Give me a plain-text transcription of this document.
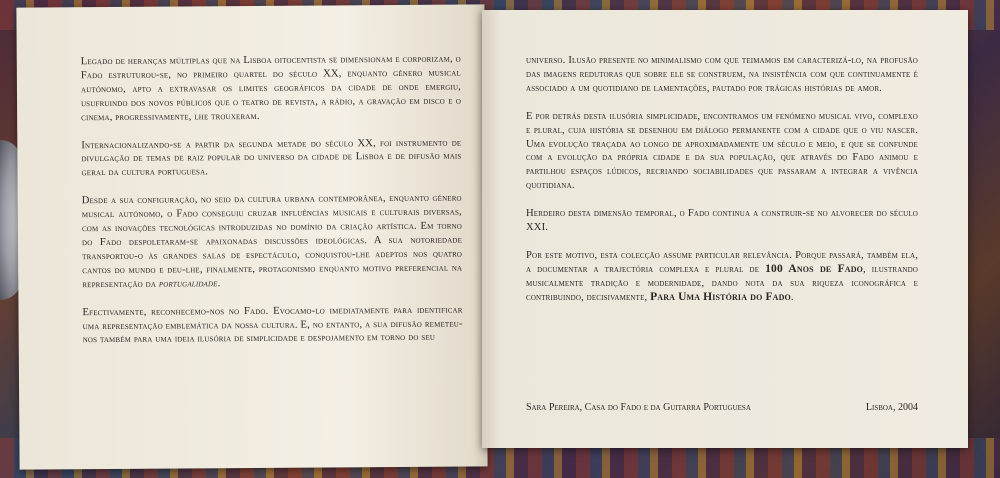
Legado de heranças múltiplas que na Lisboa oitocentista se dimensionam e corporizam, o Fado estruturou-se, no primeiro quartel do século XX, enquanto género musical autónomo, apto a extravasar os limites geográficos da cidade de onde emergiu, usufruindo dos novos públicos que o teatro de revista, a rádio, a gravação em disco e o cinema, progressivamente, lhe trouxeram.

Internacionalizando-se a partir da segunda metade do século XX, foi instrumento de divulgação de temas de raiz popular do universo da cidade de Lisboa e de difusão mais geral da cultura portuguesa.

Desde a sua configuração, no seio da cultura urbana contemporânea, enquanto género musical autónomo, o Fado conseguiu cruzar influências musicais e culturais diversas, com as inovações tecnológicas introduzidas no domínio da criação artística. Em torno do Fado despoletaram-se apaixonadas discussões ideológicas. A sua notoriedade transportou-o às grandes salas de espectáculo, conquistou-lhe adeptos nos quatro cantos do mundo e deu-lhe, finalmente, protagonismo enquanto motivo preferencial na representação da portugalidade.

Efectivamente, reconhecemo-nos no Fado. Evocamo-lo imediatamente para identificar uma representação emblemática da nossa cultura. E, no entanto, a sua difusão remeteu-nos também para uma ideia ilusória de simplicidade e despojamento em torno do seu

universo. Ilusão presente no minimalismo com que teimamos em caracterizá-lo, na profusão das imagens redutoras que sobre ele se construem, na insistência com que continuamente é associado a um quotidiano de lamentações, pautado por trágicas histórias de amor.

E por detrás desta ilusória simplicidade, encontramos um fenómeno musical vivo, complexo e plural, cuja história se desenhou em diálogo permanente com a cidade que o viu nascer. Uma evolução traçada ao longo de aproximadamente um século e meio, e que se confunde com a evolução da própria cidade e da sua população, que através do Fado animou e partilhou espaços lúdicos, recriando sociabilidades que passaram a integrar a vivência quotidiana.

Herdeiro desta dimensão temporal, o Fado continua a construir-se no alvorecer do século XXI.

Por este motivo, esta colecção assume particular relevância. Porque passará, também ela, a documentar a trajectória complexa e plural de 100 Anos de Fado, ilustrando musicalmente tradição e modernidade, dando nota da sua riqueza iconográfica e contribuindo, decisivamente, Para Uma História do Fado.

Sara Pereira, Casa do Fado e da Guitarra Portuguesa	Lisboa, 2004
